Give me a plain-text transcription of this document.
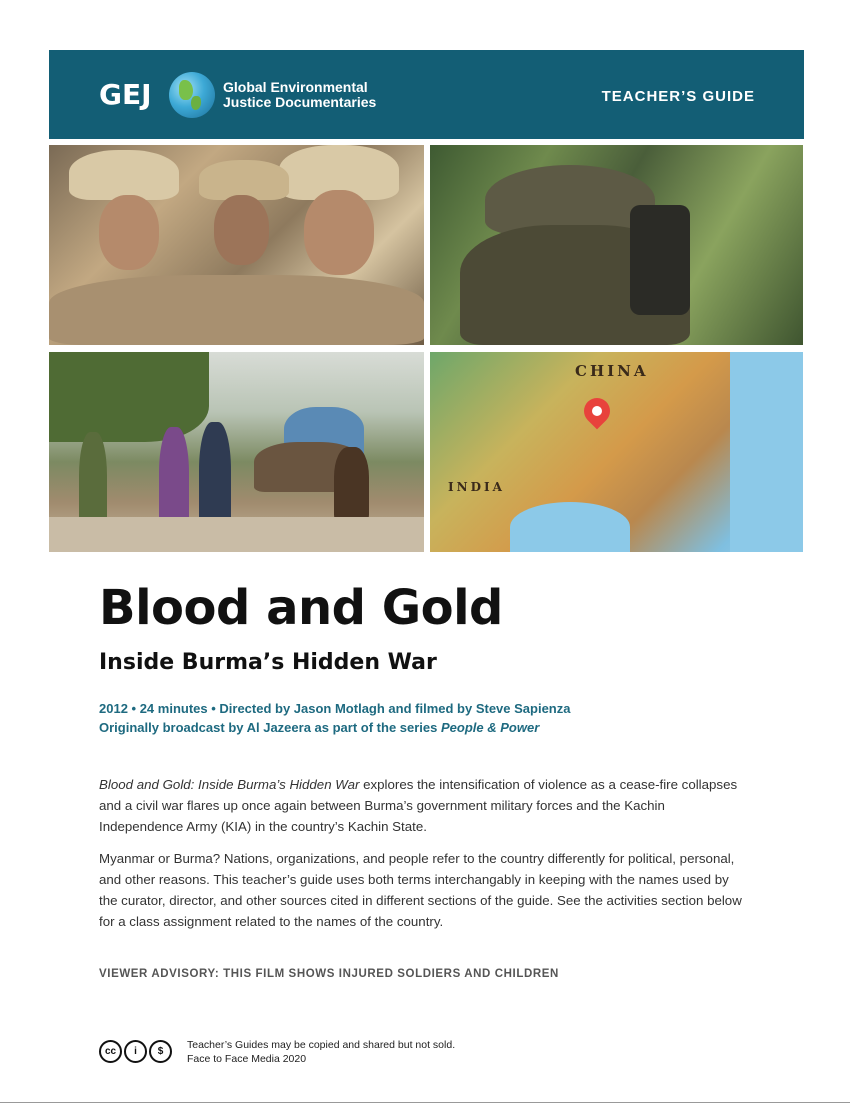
GEJ	Global Environmental
Justice Documentaries	TEACHER’S GUIDE
CHINA
INDIA
Blood and Gold
Inside Burma’s Hidden War
2012 • 24 minutes • Directed by Jason Motlagh and filmed by Steve Sapienza
Originally broadcast by Al Jazeera as part of the series People & Power

Blood and Gold: Inside Burma’s Hidden War explores the intensification of violence as a cease-fire collapses and a civil war flares up once again between Burma’s government military forces and the Kachin Independence Army (KIA) in the country’s Kachin State.

Myanmar or Burma? Nations, organizations, and people refer to the country differently for political, personal, and other reasons. This teacher’s guide uses both terms interchangably in keeping with the names used by the curator, director, and other sources cited in different sections of the guide. See the activities section below for a class assignment related to the names of the country.

VIEWER ADVISORY: THIS FILM SHOWS INJURED SOLDIERS AND CHILDREN
cc	i	$
Teacher’s Guides may be copied and shared but not sold.
Face to Face Media 2020
